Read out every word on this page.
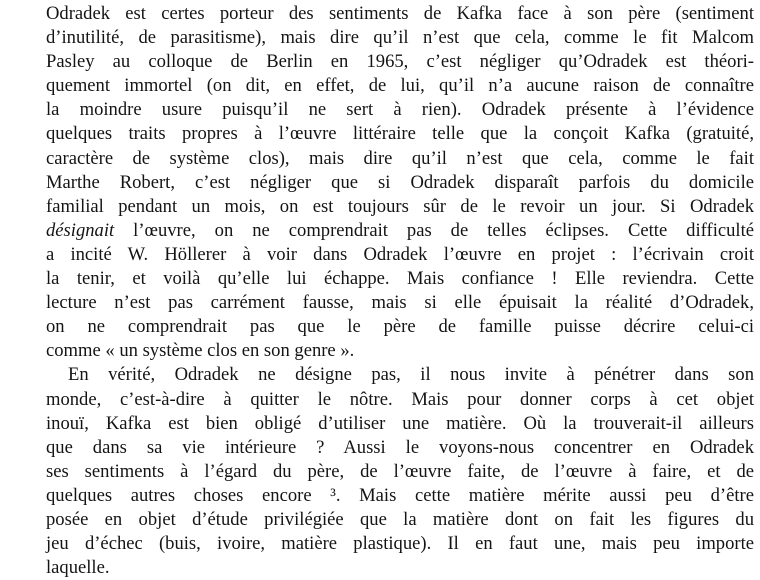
Odradek est certes porteur des sentiments de Kafka face à son père (sentiment
d’inutilité, de parasitisme), mais dire qu’il n’est que cela, comme le fit Malcom
Pasley au colloque de Berlin en 1965, c’est négliger qu’Odradek est théori-
quement immortel (on dit, en effet, de lui, qu’il n’a aucune raison de connaître
la moindre usure puisqu’il ne sert à rien). Odradek présente à l’évidence
quelques traits propres à l’œuvre littéraire telle que la conçoit Kafka (gratuité,
caractère de système clos), mais dire qu’il n’est que cela, comme le fait
Marthe Robert, c’est négliger que si Odradek disparaît parfois du domicile
familial pendant un mois, on est toujours sûr de le revoir un jour. Si Odradek
désignait l’œuvre, on ne comprendrait pas de telles éclipses. Cette difficulté
a incité W. Höllerer à voir dans Odradek l’œuvre en projet : l’écrivain croit
la tenir, et voilà qu’elle lui échappe. Mais confiance ! Elle reviendra. Cette
lecture n’est pas carrément fausse, mais si elle épuisait la réalité d’Odradek,
on ne comprendrait pas que le père de famille puisse décrire celui-ci
comme « un système clos en son genre ».
En vérité, Odradek ne désigne pas, il nous invite à pénétrer dans son
monde, c’est-à-dire à quitter le nôtre. Mais pour donner corps à cet objet
inouï, Kafka est bien obligé d’utiliser une matière. Où la trouverait-il ailleurs
que dans sa vie intérieure ? Aussi le voyons-nous concentrer en Odradek
ses sentiments à l’égard du père, de l’œuvre faite, de l’œuvre à faire, et de
quelques autres choses encore ³. Mais cette matière mérite aussi peu d’être
posée en objet d’étude privilégiée que la matière dont on fait les figures du
jeu d’échec (buis, ivoire, matière plastique). Il en faut une, mais peu importe
laquelle.
